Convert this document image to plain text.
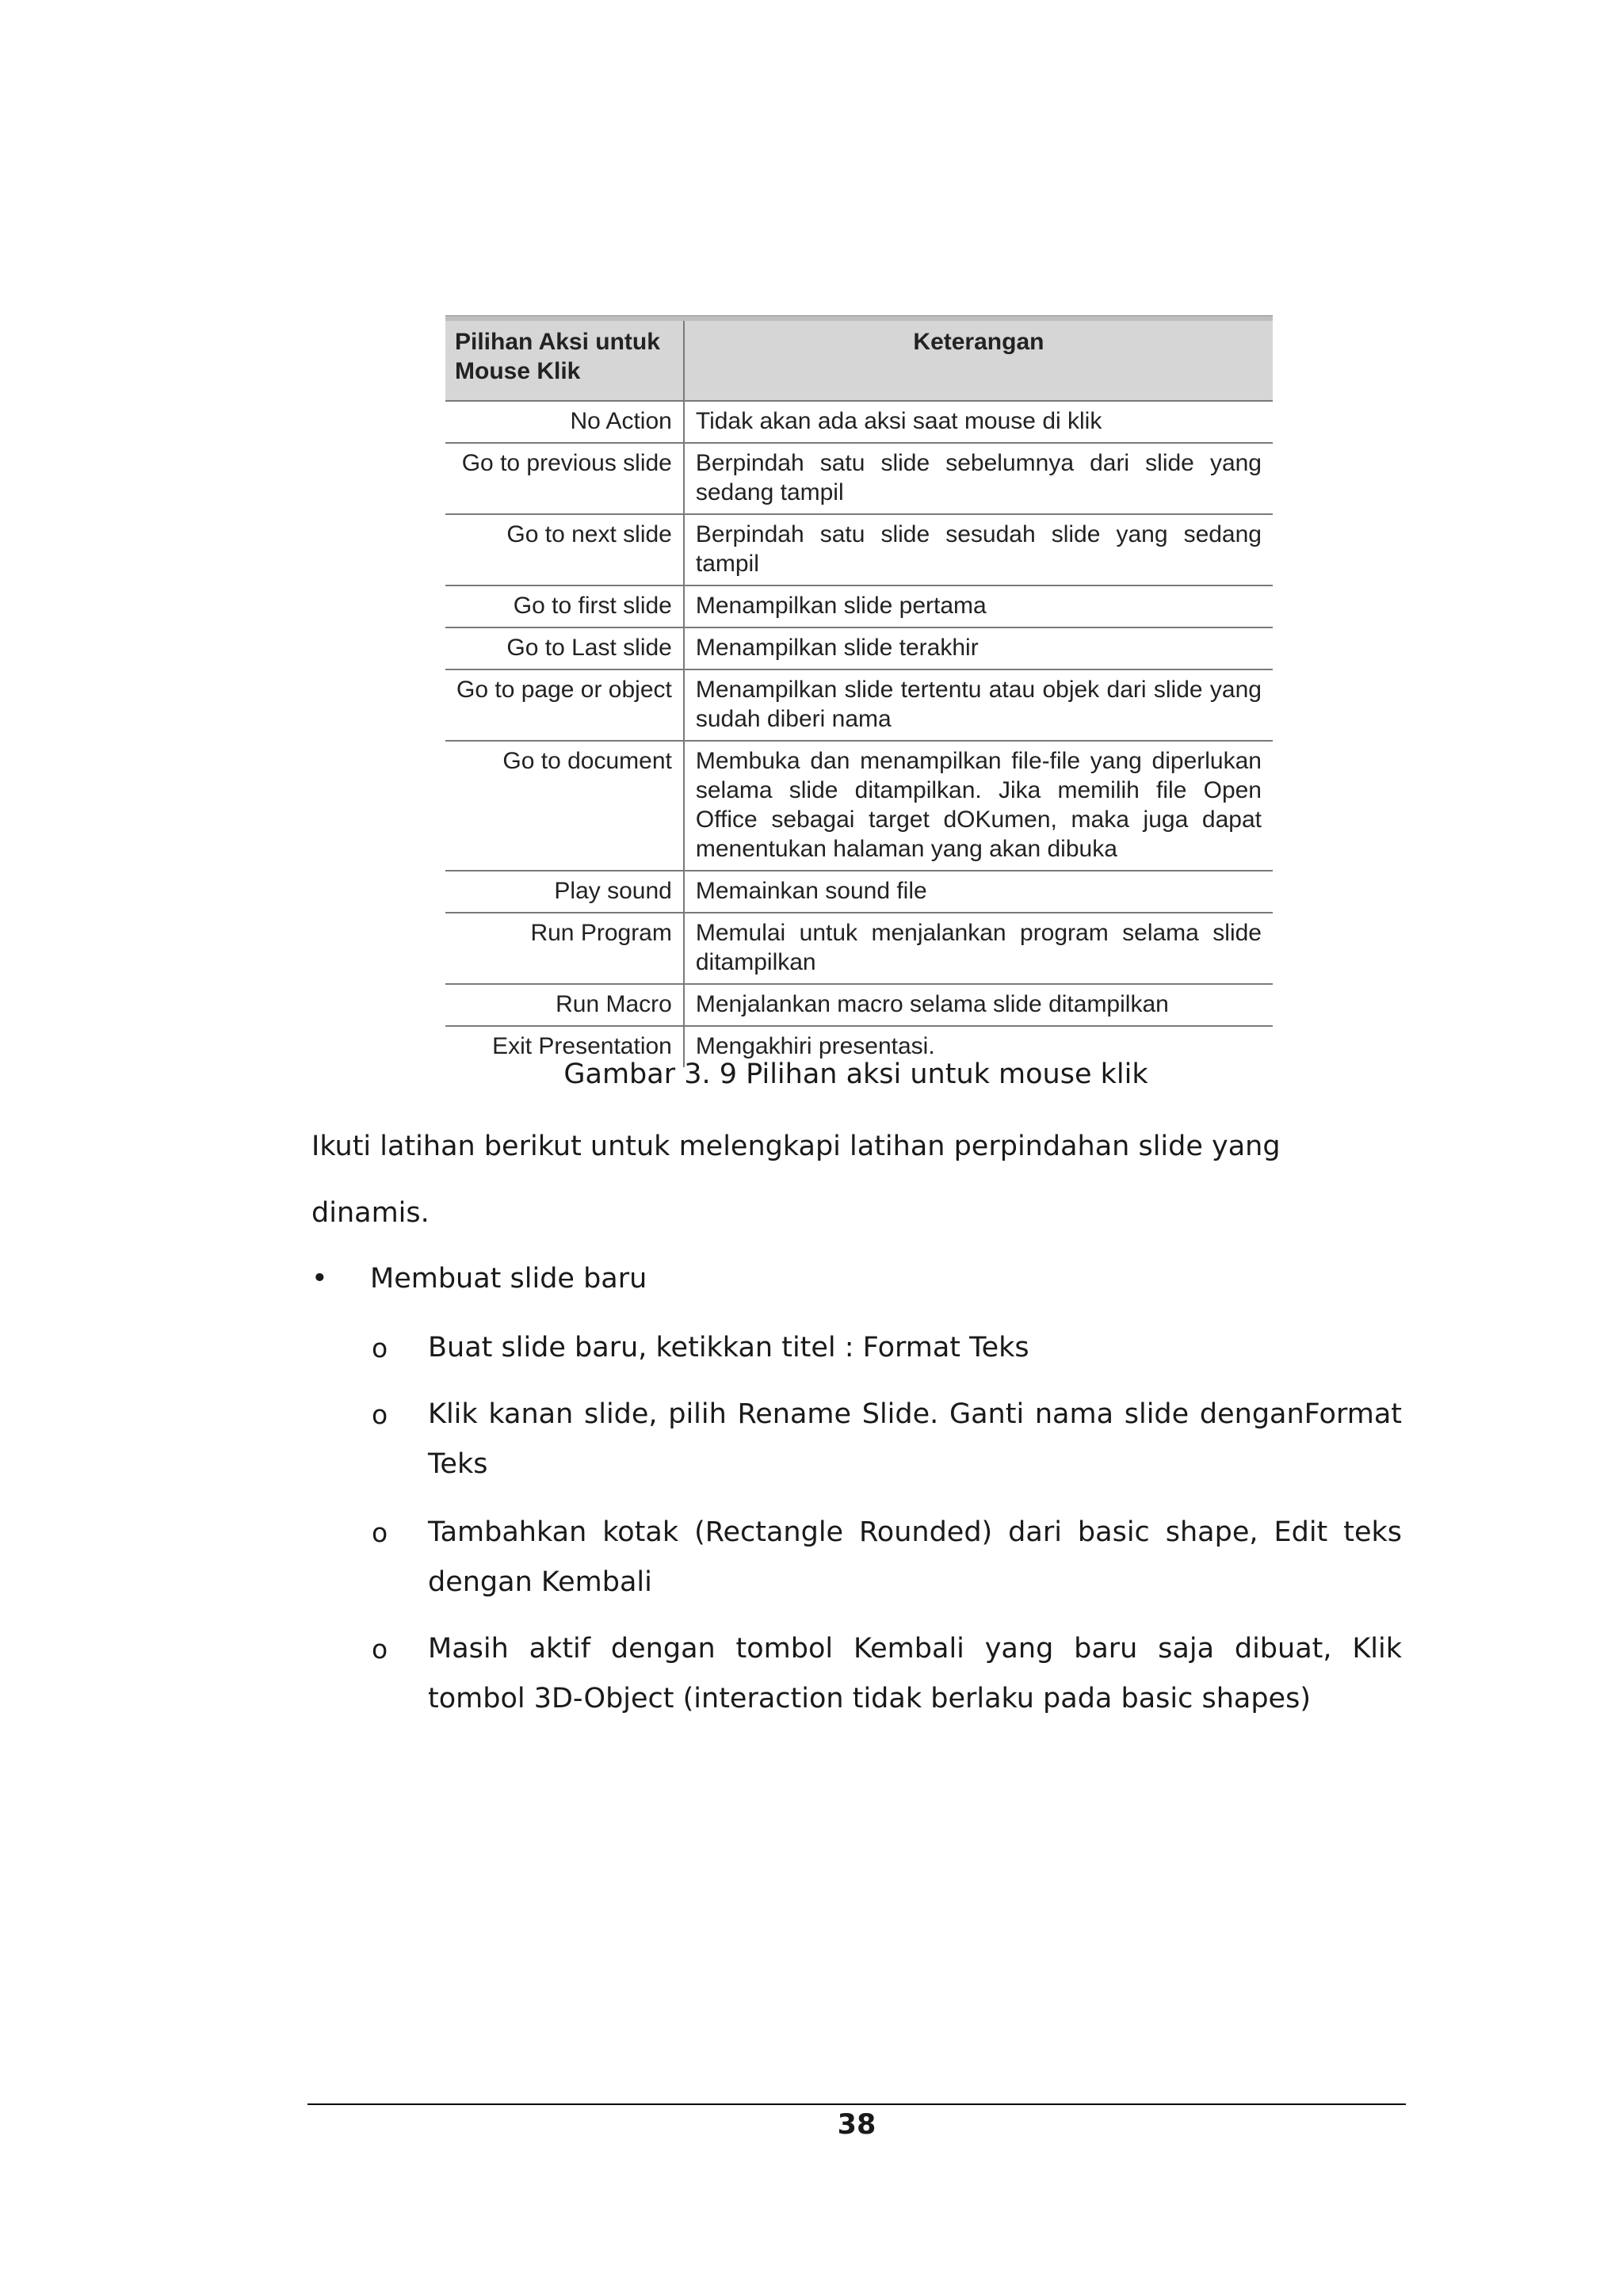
Pilihan Aksi untuk Mouse Klik	Keterangan
No Action	Tidak akan ada aksi saat mouse di klik
Go to previous slide	Berpindah satu slide sebelumnya dari slide yang sedang tampil
Go to next slide	Berpindah satu slide sesudah slide yang sedang tampil
Go to first slide	Menampilkan slide pertama
Go to Last slide	Menampilkan slide terakhir
Go to page or object	Menampilkan slide tertentu atau objek dari slide yang sudah diberi nama
Go to document	Membuka dan menampilkan file-file yang diperlukan selama slide ditampilkan. Jika memilih file Open Office sebagai target dOKumen, maka juga dapat menentukan halaman yang akan dibuka
Play sound	Memainkan sound file
Run Program	Memulai untuk menjalankan program selama slide ditampilkan
Run Macro	Menjalankan macro selama slide ditampilkan
Exit Presentation	Mengakhiri presentasi.
Gambar 3. 9 Pilihan aksi untuk mouse klik
Ikuti latihan berikut untuk melengkapi latihan perpindahan slide yang
dinamis.
• Membuat slide baru
o Buat slide baru, ketikkan titel : Format Teks
o Klik kanan slide, pilih Rename Slide. Ganti nama slide denganFormat Teks
o Tambahkan kotak (Rectangle Rounded) dari basic shape, Edit teks dengan Kembali
o Masih aktif dengan tombol Kembali yang baru saja dibuat, Klik tombol 3D-Object (interaction tidak berlaku pada basic shapes)
38
